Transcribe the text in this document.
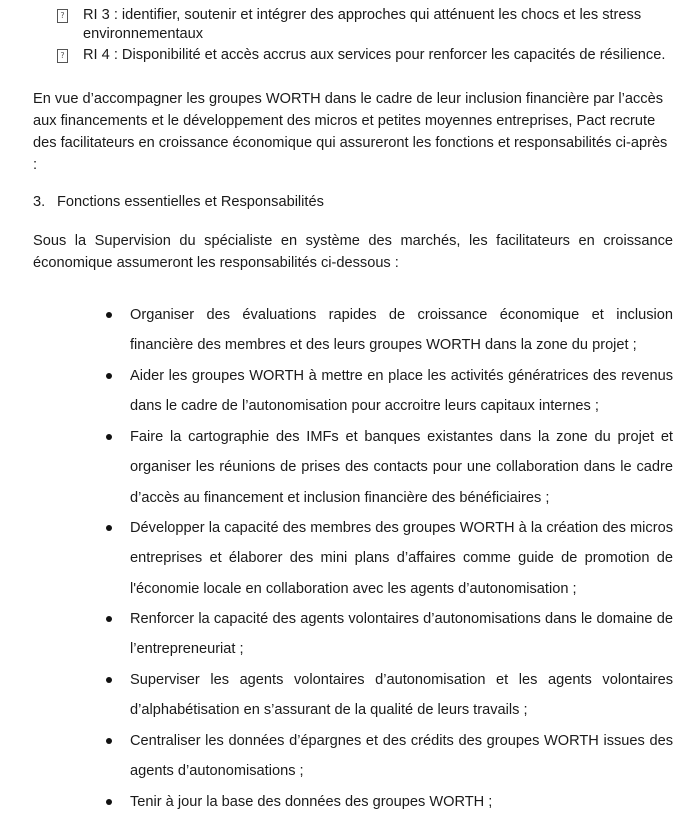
?	RI 3 : identifier, soutenir et intégrer des approches qui atténuent les chocs et les stress environnementaux
?	RI 4 : Disponibilité et accès accrus aux services pour renforcer les capacités de résilience.
En vue d’accompagner les groupes WORTH dans le cadre de leur inclusion financière par l’accès aux financements et le développement des micros et petites moyennes entreprises, Pact recrute des facilitateurs en croissance économique qui assureront les fonctions et responsabilités ci-après :
3. Fonctions essentielles et Responsabilités
Sous la Supervision du spécialiste en système des marchés, les facilitateurs en croissance économique assumeront les responsabilités ci-dessous :
Organiser des évaluations rapides de croissance économique et inclusion financière des membres et des leurs groupes WORTH dans la zone du projet ;
Aider les groupes WORTH à mettre en place les activités génératrices des revenus dans le cadre de l’autonomisation pour accroitre leurs capitaux internes ;
Faire la cartographie des IMFs et banques existantes dans la zone du projet et organiser les réunions de prises des contacts pour une collaboration dans le cadre d’accès au financement et inclusion financière des bénéficiaires ;
Développer la capacité des membres des groupes WORTH à la création des micros entreprises et élaborer des mini plans d’affaires comme guide de promotion de l'économie locale en collaboration avec les agents d’autonomisation ;
Renforcer la capacité des agents volontaires d’autonomisations dans le domaine de l’entrepreneuriat ;
Superviser les agents volontaires d’autonomisation et les agents volontaires d’alphabétisation en s’assurant de la qualité de leurs travails ;
Centraliser les données d’épargnes et des crédits des groupes WORTH issues des agents d’autonomisations ;
Tenir à jour la base des données des groupes WORTH ;
